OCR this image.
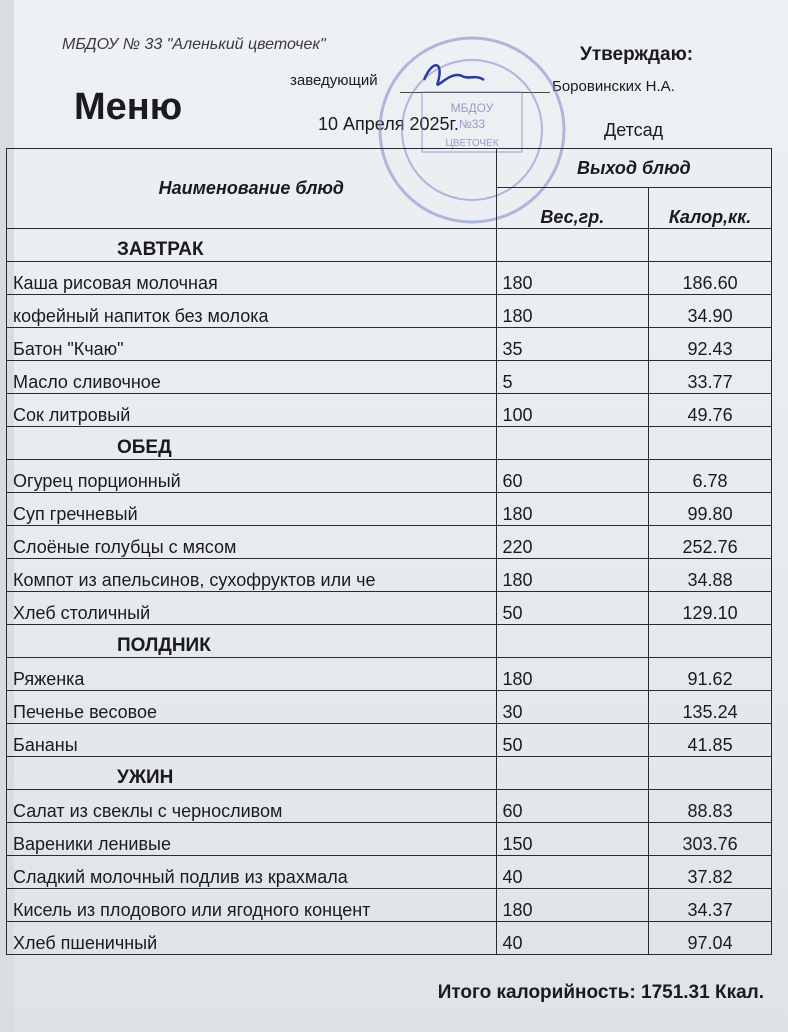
МБДОУ № 33 "Аленький цветочек"	Утверждаю:
заведующий	Боровинских Н.А.
Меню	10 Апреля 2025г.	Детсад
МБДОУ
№33
ЦВЕТОЧЕК
Наименование блюд	Выход блюд	
	Вес,гр.	Калор,кк.
ЗАВТРАК		
Каша рисовая молочная	180	186.60
кофейный напиток без молока	180	34.90
Батон "Кчаю"	35	92.43
Масло сливочное	5	33.77
Сок литровый	100	49.76
ОБЕД		
Огурец порционный	60	6.78
Суп гречневый	180	99.80
Слоёные голубцы с мясом	220	252.76
Компот из апельсинов, сухофруктов или че	180	34.88
Хлеб столичный	50	129.10
ПОЛДНИК		
Ряженка	180	91.62
Печенье весовое	30	135.24
Бананы	50	41.85
УЖИН		
Салат из свеклы с черносливом	60	88.83
Вареники ленивые	150	303.76
Сладкий молочный подлив из крахмала	40	37.82
Кисель из плодового или ягодного концент	180	34.37
Хлеб пшеничный	40	97.04
Итого калорийность: 1751.31 Ккал.
